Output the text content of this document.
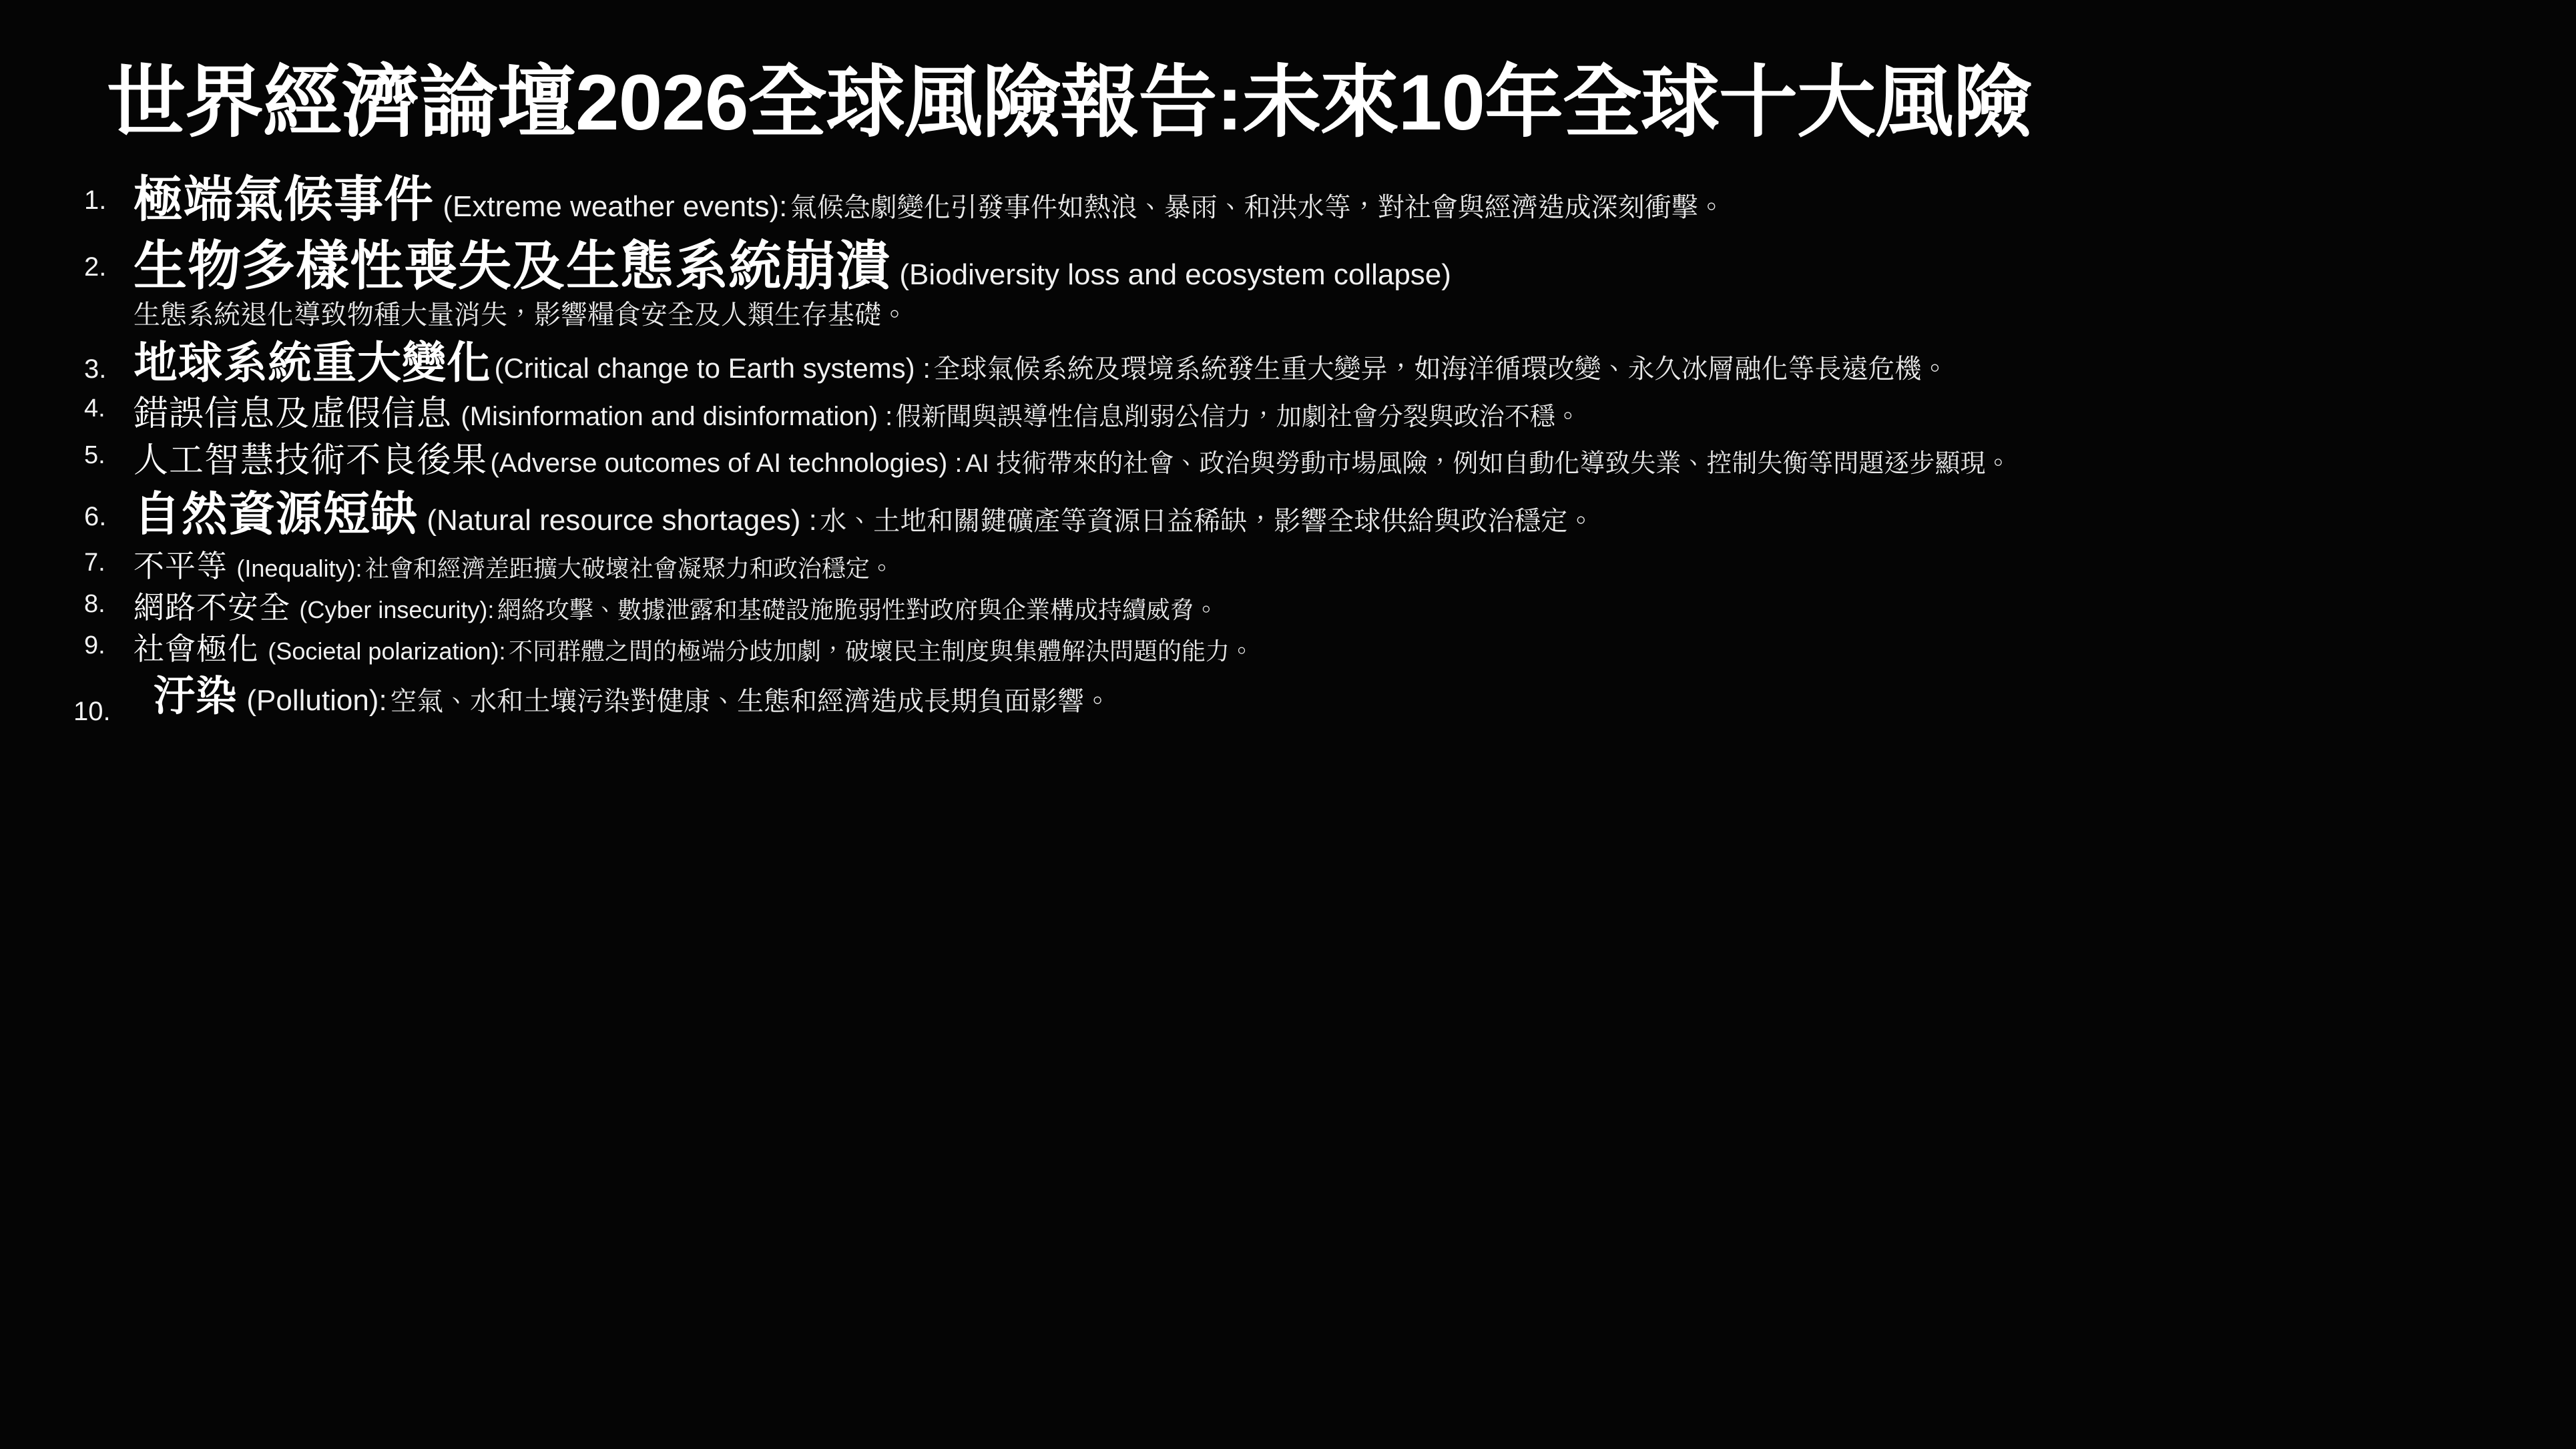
世界經濟論壇2026全球風險報告:未來10年全球十大風險
1. 極端氣候事件 (Extreme weather events): 氣候急劇變化引發事件如熱浪、暴雨、和洪水等，對社會與經濟造成深刻衝擊。
2. 生物多樣性喪失及生態系統崩潰 (Biodiversity loss and ecosystem collapse)
生態系統退化導致物種大量消失，影響糧食安全及人類生存基礎。
3. 地球系統重大變化 (Critical change to Earth systems) : 全球氣候系統及環境系統發生重大變异，如海洋循環改變、永久冰層融化等長遠危機。
4. 錯誤信息及虛假信息 (Misinformation and disinformation) : 假新聞與誤導性信息削弱公信力，加劇社會分裂與政治不穩。
5. 人工智慧技術不良後果 (Adverse outcomes of AI technologies) : AI 技術帶來的社會、政治與勞動市場風險，例如自動化導致失業、控制失衡等問題逐步顯現。
6. 自然資源短缺 (Natural resource shortages) : 水、土地和關鍵礦產等資源日益稀缺，影響全球供給與政治穩定。
7. 不平等 (Inequality): 社會和經濟差距擴大破壞社會凝聚力和政治穩定。
8. 網路不安全 (Cyber insecurity): 網絡攻擊、數據泄露和基礎設施脆弱性對政府與企業構成持續威脅。
9. 社會極化 (Societal polarization): 不同群體之間的極端分歧加劇，破壞民主制度與集體解決問題的能力。
10. 汙染 (Pollution): 空氣、水和土壤污染對健康、生態和經濟造成長期負面影響。
